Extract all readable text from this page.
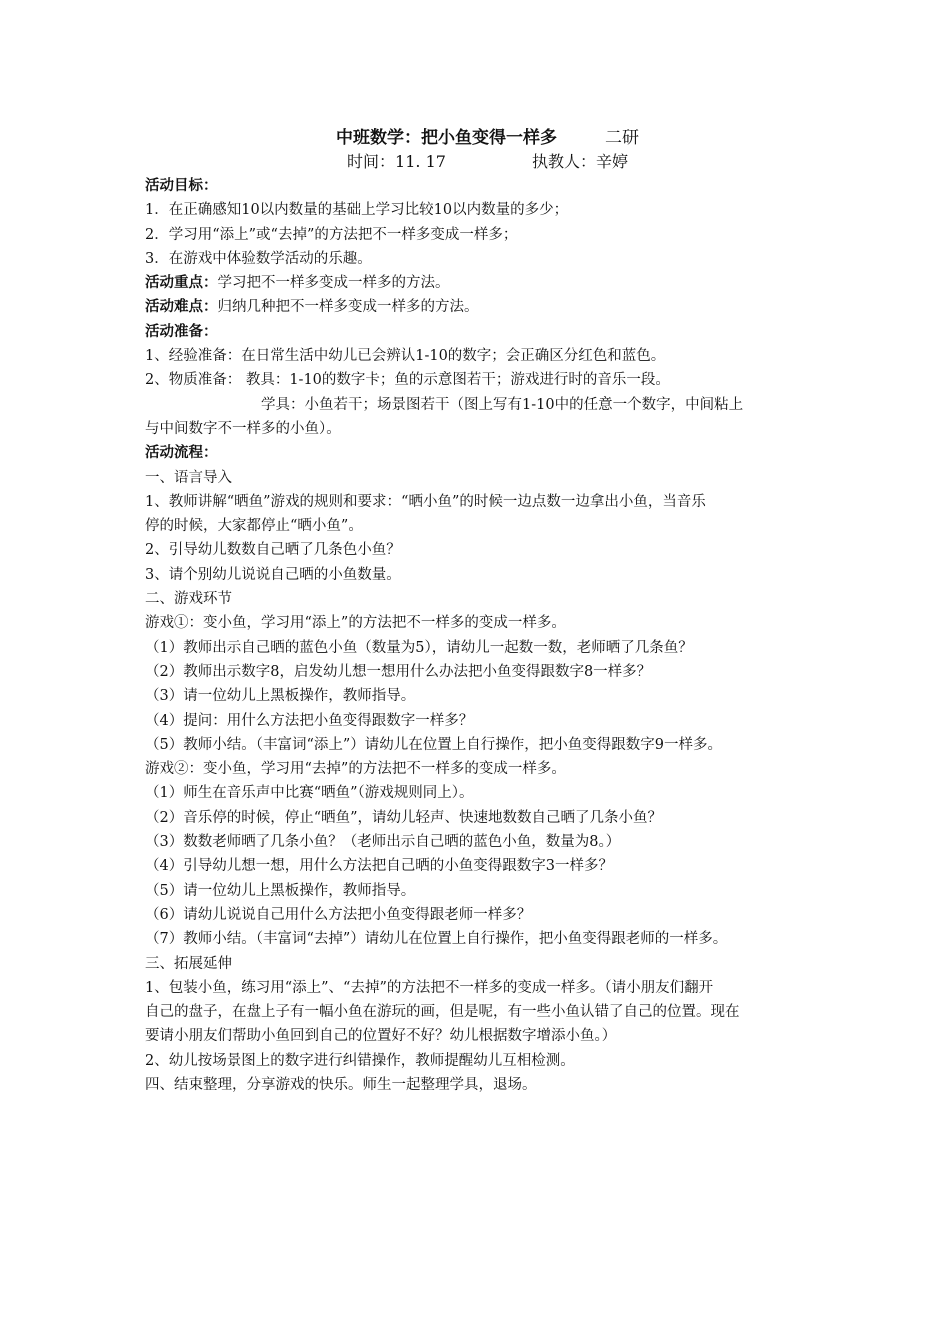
中班数学：把小鱼变得一样多	二研
时间：11. 17	执教人：辛婷
活动目标：
1．在正确感知10以内数量的基础上学习比较10以内数量的多少；
2．学习用“添上”或“去掉”的方法把不一样多变成一样多；
3．在游戏中体验数学活动的乐趣。
活动重点：学习把不一样多变成一样多的方法。
活动难点：归纳几种把不一样多变成一样多的方法。
活动准备：
1、经验准备：在日常生活中幼儿已会辨认1-10的数字；会正确区分红色和蓝色。
2、物质准备： 教具：1-10的数字卡；鱼的示意图若干；游戏进行时的音乐一段。
学具：小鱼若干；场景图若干（图上写有1-10中的任意一个数字，中间粘上
与中间数字不一样多的小鱼）。
活动流程：
一、语言导入
1、教师讲解“晒鱼”游戏的规则和要求：“晒小鱼”的时候一边点数一边拿出小鱼，当音乐
停的时候，大家都停止“晒小鱼”。
2、引导幼儿数数自己晒了几条色小鱼？
3、请个别幼儿说说自己晒的小鱼数量。
二、游戏环节
游戏①：变小鱼，学习用“添上”的方法把不一样多的变成一样多。
（1）教师出示自己晒的蓝色小鱼（数量为5），请幼儿一起数一数，老师晒了几条鱼？
（2）教师出示数字8，启发幼儿想一想用什么办法把小鱼变得跟数字8一样多？
（3）请一位幼儿上黑板操作，教师指导。
（4）提问：用什么方法把小鱼变得跟数字一样多？
（5）教师小结。（丰富词“添上”）请幼儿在位置上自行操作，把小鱼变得跟数字9一样多。
游戏②：变小鱼，学习用“去掉”的方法把不一样多的变成一样多。
（1）师生在音乐声中比赛“晒鱼”（游戏规则同上）。
（2）音乐停的时候，停止“晒鱼”，请幼儿轻声、快速地数数自己晒了几条小鱼？
（3）数数老师晒了几条小鱼？（老师出示自己晒的蓝色小鱼，数量为8。）
（4）引导幼儿想一想，用什么方法把自己晒的小鱼变得跟数字3一样多？
（5）请一位幼儿上黑板操作，教师指导。
（6）请幼儿说说自己用什么方法把小鱼变得跟老师一样多？
（7）教师小结。（丰富词“去掉”）请幼儿在位置上自行操作，把小鱼变得跟老师的一样多。
三、拓展延伸
1、包装小鱼，练习用“添上”、“去掉”的方法把不一样多的变成一样多。（请小朋友们翻开
自己的盘子，在盘上子有一幅小鱼在游玩的画，但是呢，有一些小鱼认错了自己的位置。现在
要请小朋友们帮助小鱼回到自己的位置好不好？幼儿根据数字增添小鱼。）
2、幼儿按场景图上的数字进行纠错操作，教师提醒幼儿互相检测。
四、结束整理，分享游戏的快乐。师生一起整理学具，退场。
